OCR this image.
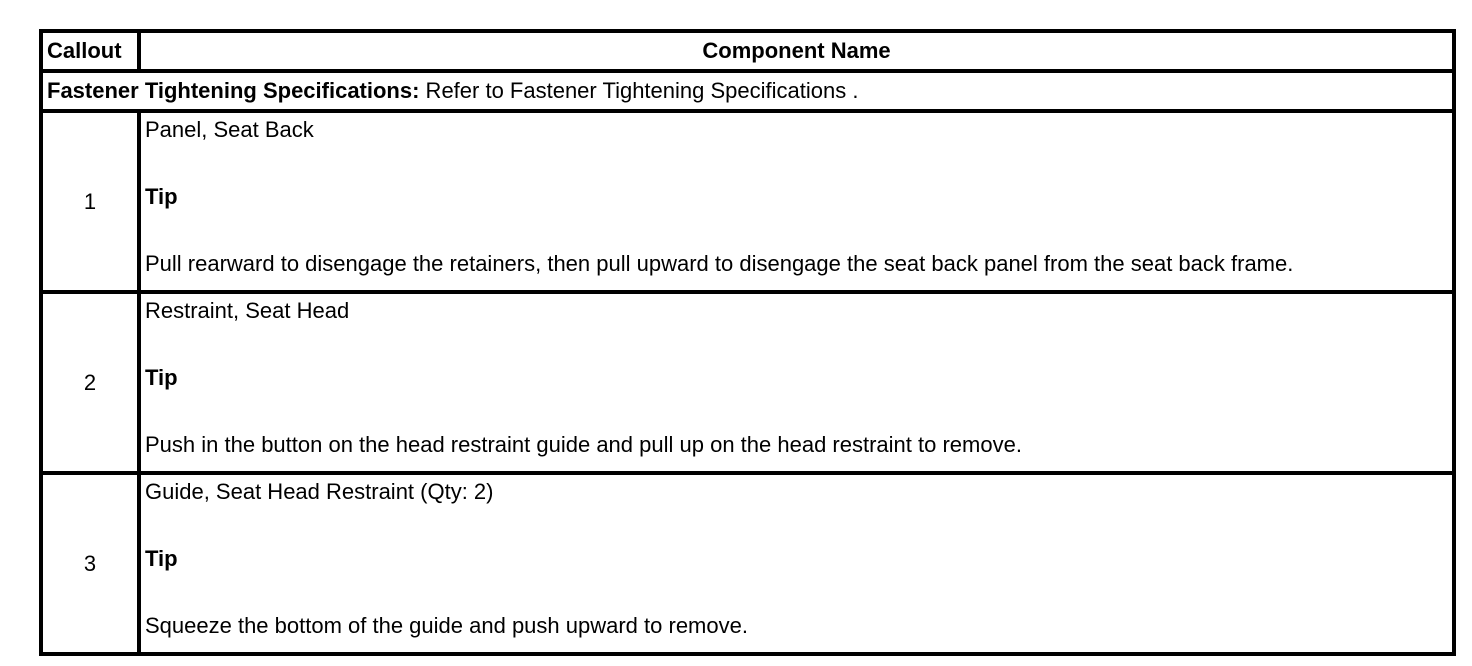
Callout	Component Name
Fastener Tightening Specifications: Refer to Fastener Tightening Specifications .	
1	Panel, Seat Back
Tip
Pull rearward to disengage the retainers, then pull upward to disengage the seat back panel from the seat back frame.

2	Restraint, Seat Head
Tip
Push in the button on the head restraint guide and pull up on the head restraint to remove.

3	Guide, Seat Head Restraint (Qty: 2)
Tip
Squeeze the bottom of the guide and push upward to remove.
